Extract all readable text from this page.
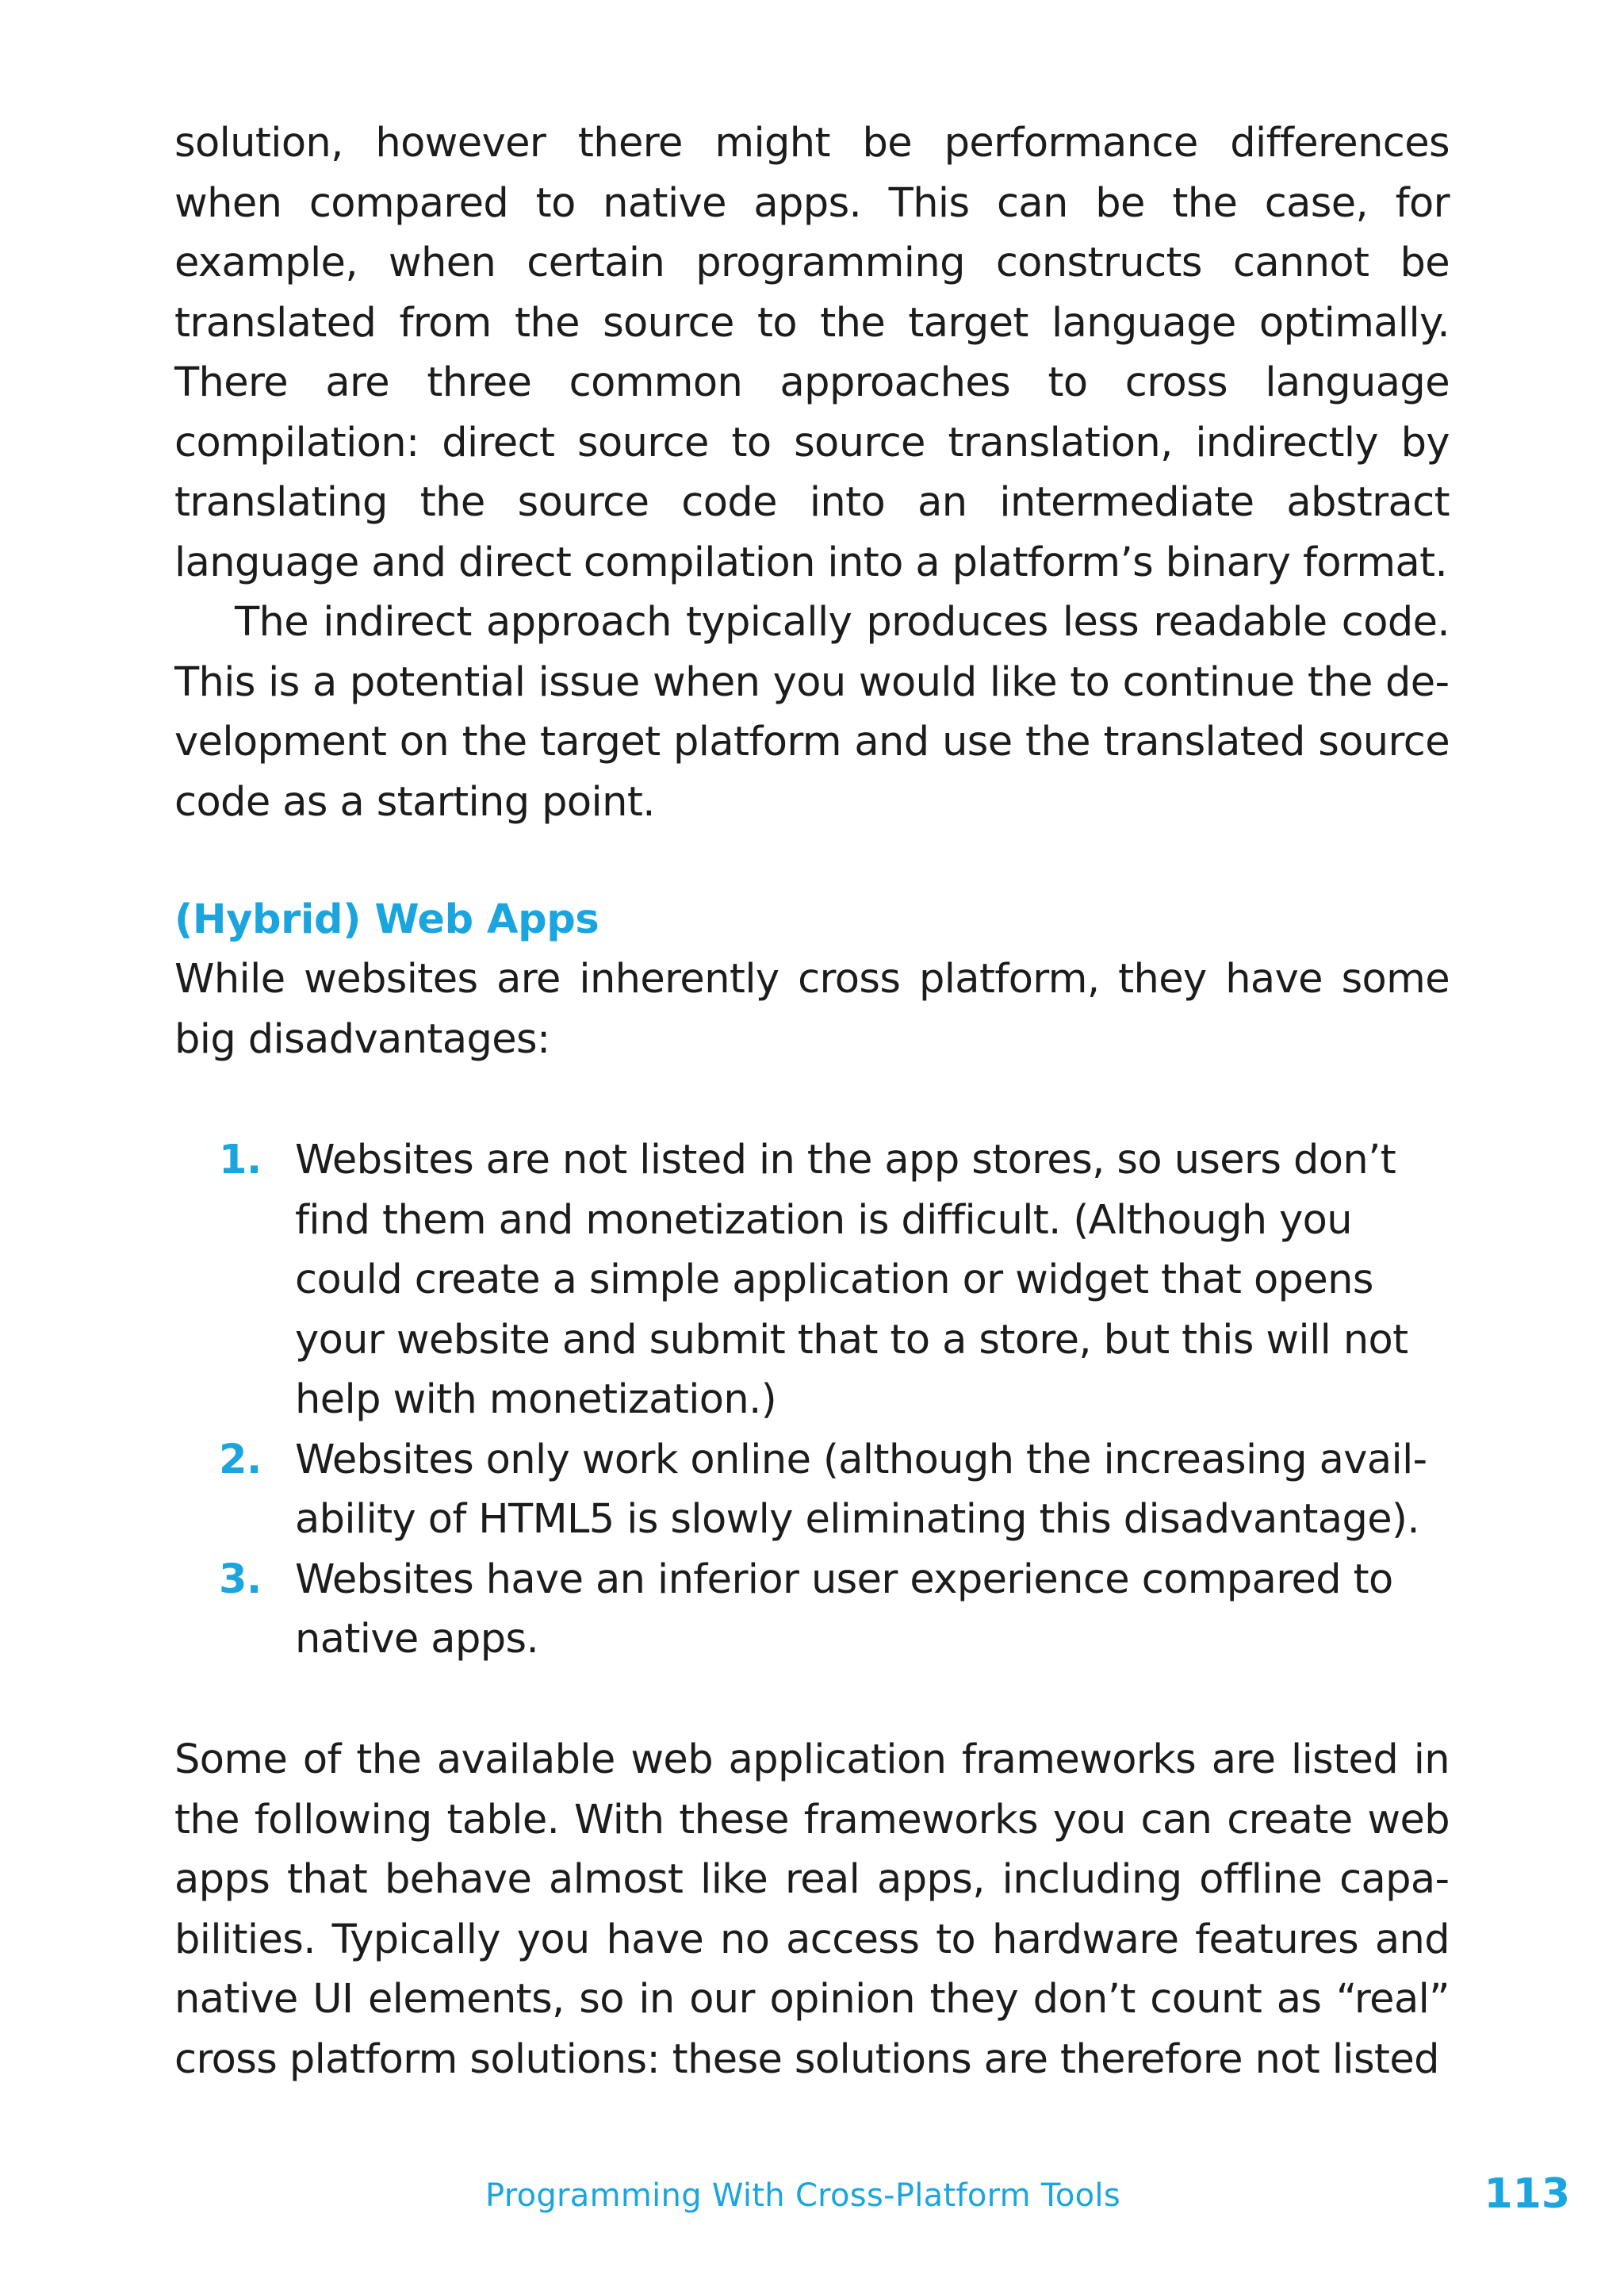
solution, however there might be performance differences when compared to native apps. This can be the case, for example, when certain programming constructs cannot be translated from the source to the target language optimally. There are three common approaches to cross language compilation: direct source to source translation, indirectly by translating the source code into an intermediate abstract language and direct compilation into a platform’s binary format.

The indirect approach typically produces less readable code. This is a potential issue when you would like to continue the development on the target platform and use the translated source code as a starting point.

(Hybrid) Web Apps

While websites are inherently cross platform, they have some big disadvantages:

1. Websites are not listed in the app stores, so users don’t find them and monetization is difficult. (Although you could create a simple application or widget that opens your website and submit that to a store, but this will not help with monetization.)
2. Websites only work online (although the increasing availability of HTML5 is slowly eliminating this disadvantage).
3. Websites have an inferior user experience compared to native apps.

Some of the available web application frameworks are listed in the following table. With these frameworks you can create web apps that behave almost like real apps, including offline capabilities. Typically you have no access to hardware features and native UI elements, so in our opinion they don’t count as “real” cross platform solutions: these solutions are therefore not listed

Programming With Cross-Platform Tools	113
